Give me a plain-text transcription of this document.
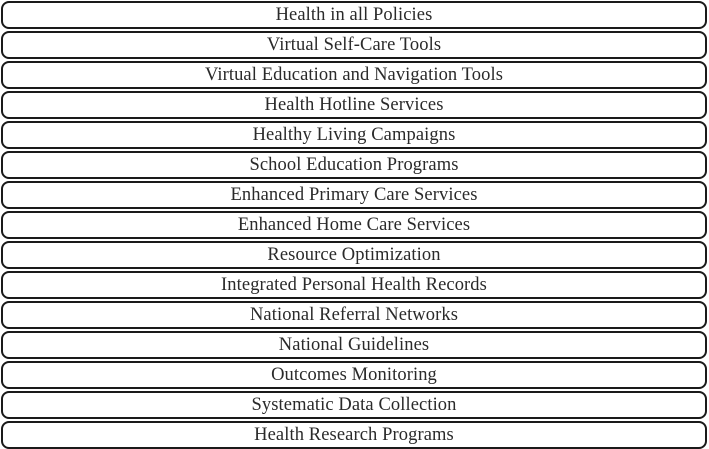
Health in all Policies
Virtual Self-Care Tools
Virtual Education and Navigation Tools
Health Hotline Services
Healthy Living Campaigns
School Education Programs
Enhanced Primary Care Services
Enhanced Home Care Services
Resource Optimization
Integrated Personal Health Records
National Referral Networks
National Guidelines
Outcomes Monitoring
Systematic Data Collection
Health Research Programs
